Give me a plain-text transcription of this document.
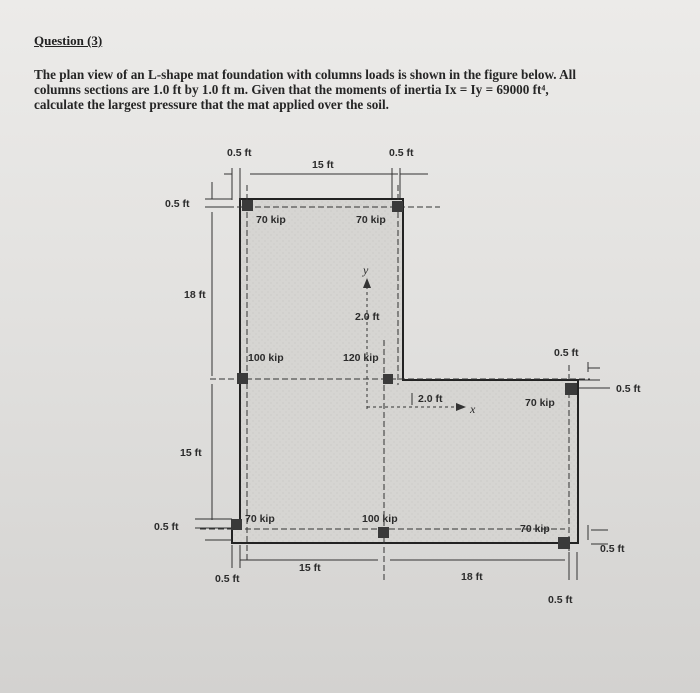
Question (3)
The plan view of an L-shape mat foundation with columns loads is shown in the figure below. All
columns sections are 1.0 ft by 1.0 ft m. Given that the moments of inertia Ix = Iy = 69000 ft⁴,
calculate the largest pressure that the mat applied over the soil.
0.5 ft
15 ft
0.5 ft
0.5 ft
18 ft
15 ft
0.5 ft
0.5 ft
15 ft
18 ft
0.5 ft
0.5 ft
0.5 ft
0.5 ft
70 kip	70 kip
100 kip	120 kip
70 kip
70 kip	100 kip
70 kip
2.0 ft
2.0 ft
y
x
